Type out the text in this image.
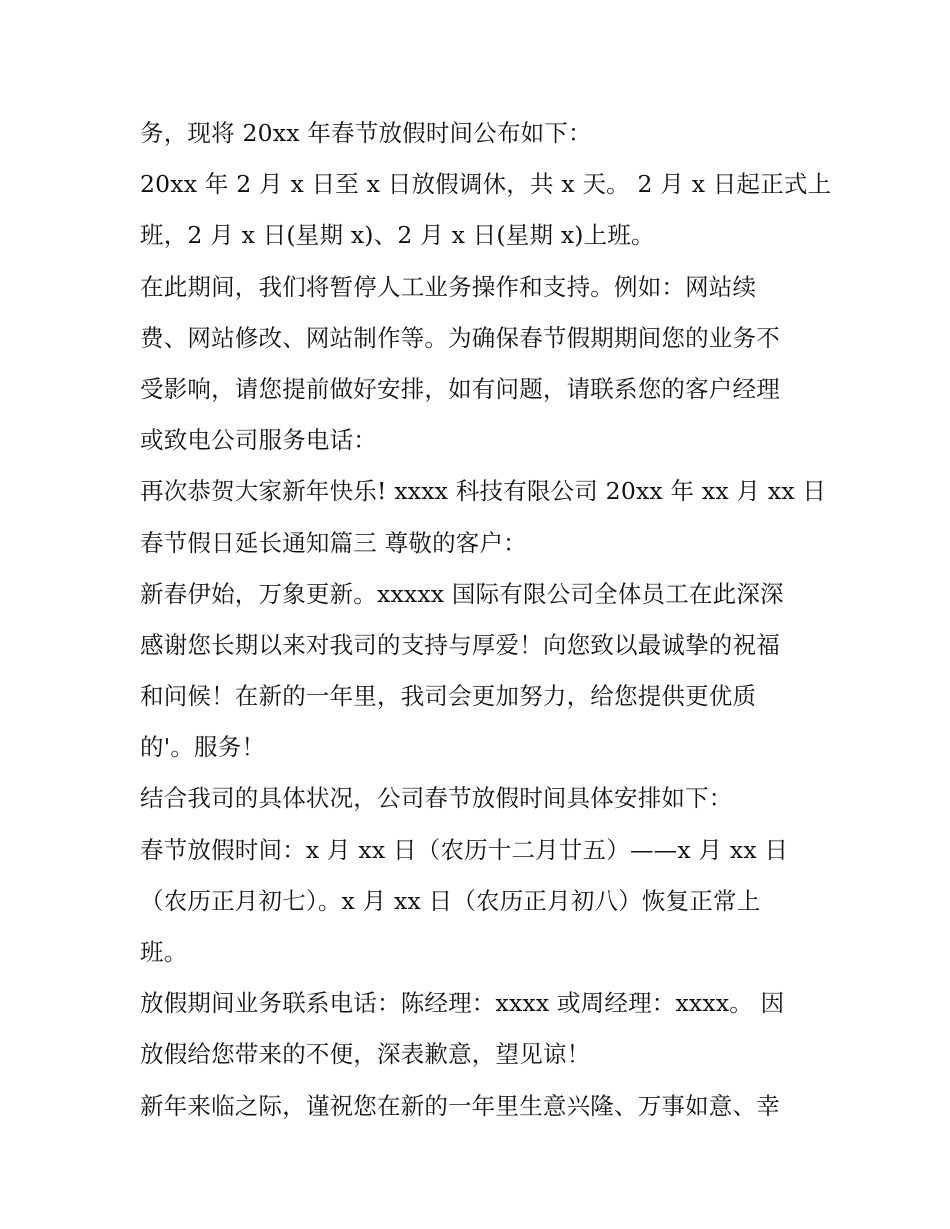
务，现将 20xx 年春节放假时间公布如下：
20xx 年 2 月 x 日至 x 日放假调休，共 x 天。 2 月 x 日起正式上
班，2 月 x 日(星期 x)、2 月 x 日(星期 x)上班。
在此期间，我们将暂停人工业务操作和支持。例如：网站续
费、网站修改、网站制作等。为确保春节假期期间您的业务不
受影响，请您提前做好安排，如有问题，请联系您的客户经理
或致电公司服务电话：
再次恭贺大家新年快乐! xxxx 科技有限公司 20xx 年 xx 月 xx 日
春节假日延长通知篇三 尊敬的客户：
新春伊始，万象更新。xxxxx 国际有限公司全体员工在此深深
感谢您长期以来对我司的支持与厚爱！向您致以最诚挚的祝福
和问候！在新的一年里，我司会更加努力，给您提供更优质
的'。服务！
结合我司的具体状况，公司春节放假时间具体安排如下：
春节放假时间：x 月 xx 日（农历十二月廿五）——x 月 xx 日
（农历正月初七）。x 月 xx 日（农历正月初八）恢复正常上
班。
放假期间业务联系电话：陈经理：xxxx 或周经理：xxxx。 因
放假给您带来的不便，深表歉意，望见谅！
新年来临之际，谨祝您在新的一年里生意兴隆、万事如意、幸
